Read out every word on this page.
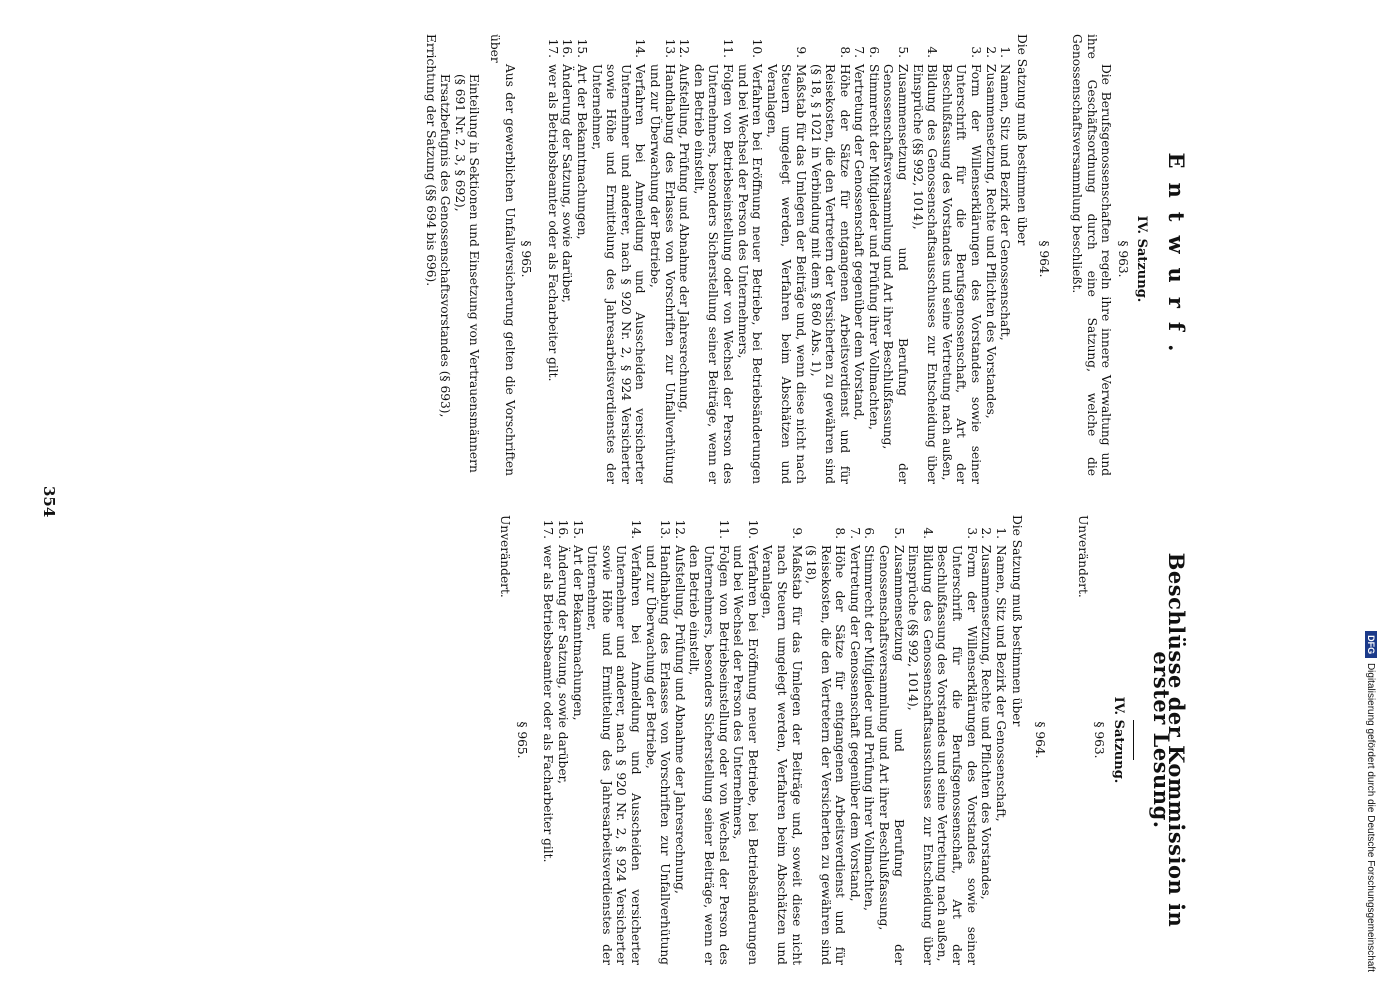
354
Entwurf.
IV. Satzung.
§ 963.
Die Berufsgenossenschaften regeln ihre innere Verwaltung und ihre Geschäftsordnung durch eine Satzung, welche die Genossenschaftsversammlung beschließt.
§ 964.
Die Satzung muß bestimmen über
1.
Namen, Sitz und Bezirk der Genossenschaft,
2.
Zusammensetzung, Rechte und Pflichten des Vorstandes,
3.
Form der Willenserklärungen des Vorstandes sowie seiner Unterschrift für die Berufsgenossenschaft, Art der Beschlußfassung des Vorstandes und seine Vertretung nach außen,
4.
Bildung des Genossenschaftsausschusses zur Entscheidung über Einsprüche (§§ 992, 1014),
5.
Zusammensetzung und Berufung der Genossenschaftsversammlung und Art ihrer Beschlußfassung,
6.
Stimmrecht der Mitglieder und Prüfung ihrer Vollmachten,
7.
Vertretung der Genossenschaft gegenüber dem Vorstand,
8.
Höhe der Sätze für entgangenen Arbeitsverdienst und für Reisekosten, die den Vertretern der Versicherten zu gewähren sind (§ 18, § 1021 in Verbindung mit dem § 860 Abs. 1),
9.
Maßstab für das Umlegen der Beiträge und, wenn diese nicht nach Steuern umgelegt werden, Verfahren beim Abschätzen und Veranlagen,
10.
Verfahren bei Eröffnung neuer Betriebe, bei Betriebsänderungen und bei Wechsel der Person des Unternehmers,
11.
Folgen von Betriebseinstellung oder von Wechsel der Person des Unternehmers, besonders Sicherstellung seiner Beiträge, wenn er den Betrieb einstellt,
12.
Aufstellung, Prüfung und Abnahme der Jahresrechnung,
13.
Handhabung des Erlasses von Vorschriften zur Unfallverhütung und zur Überwachung der Betriebe,
14.
Verfahren bei Anmeldung und Ausscheiden versicherter Unternehmer und anderer, nach § 920 Nr. 2, § 924 Versicherter sowie Höhe und Ermittelung des Jahresarbeitsverdienstes der Unternehmer,
15.
Art der Bekanntmachungen,
16.
Änderung der Satzung, sowie darüber,
17.
wer als Betriebsbeamter oder als Facharbeiter gilt.
§ 965.
Aus der gewerblichen Unfallversicherung gelten die Vorschriften über
Einteilung in Sektionen und Einsetzung von Vertrauensmännern (§ 691 Nr. 2, 3, § 692),
Ersatzbefugnis des Genossenschaftsvorstandes (§ 693),
Errichtung der Satzung (§§ 694 bis 696).
Beschlüsse der Kommission in erster Lesung.
IV. Satzung.
§ 963.
Unverändert.
§ 964.
Die Satzung muß bestimmen über
1.
Namen, Sitz und Bezirk der Genossenschaft,
2.
Zusammensetzung, Rechte und Pflichten des Vorstandes,
3.
Form der Willenserklärungen des Vorstandes sowie seiner Unterschrift für die Berufsgenossenschaft, Art der Beschlußfassung des Vorstandes und seine Vertretung nach außen,
4.
Bildung des Genossenschaftsausschusses zur Entscheidung über Einsprüche (§§ 992, 1014),
5.
Zusammensetzung und Berufung der Genossenschaftsversammlung und Art ihrer Beschlußfassung,
6.
Stimmrecht der Mitglieder und Prüfung ihrer Vollmachten,
7.
Vertretung der Genossenschaft gegenüber dem Vorstand,
8.
Höhe der Sätze für entgangenen Arbeitsverdienst und für Reisekosten, die den Vertretern der Versicherten zu gewähren sind (§ 18),
9.
Maßstab für das Umlegen der Beiträge und, soweit diese nicht nach Steuern umgelegt werden, Verfahren beim Abschätzen und Veranlagen,
10.
Verfahren bei Eröffnung neuer Betriebe, bei Betriebsänderungen und bei Wechsel der Person des Unternehmers,
11.
Folgen von Betriebseinstellung oder von Wechsel der Person des Unternehmers, besonders Sicherstellung seiner Beiträge, wenn er den Betrieb einstellt,
12.
Aufstellung, Prüfung und Abnahme der Jahresrechnung,
13.
Handhabung des Erlasses von Vorschriften zur Unfallverhütung und zur Überwachung der Betriebe,
14.
Verfahren bei Anmeldung und Ausscheiden versicherter Unternehmer und anderer, nach § 920 Nr. 2, § 924 Versicherter sowie Höhe und Ermittelung des Jahresarbeitsverdienstes der Unternehmer,
15.
Art der Bekanntmachungen,
16.
Änderung der Satzung, sowie darüber,
17.
wer als Betriebsbeamter oder als Facharbeiter gilt.
§ 965.
Unverändert.
DFG Digitalisierung gefördert durch die Deutsche Forschungsgemeinschaft
